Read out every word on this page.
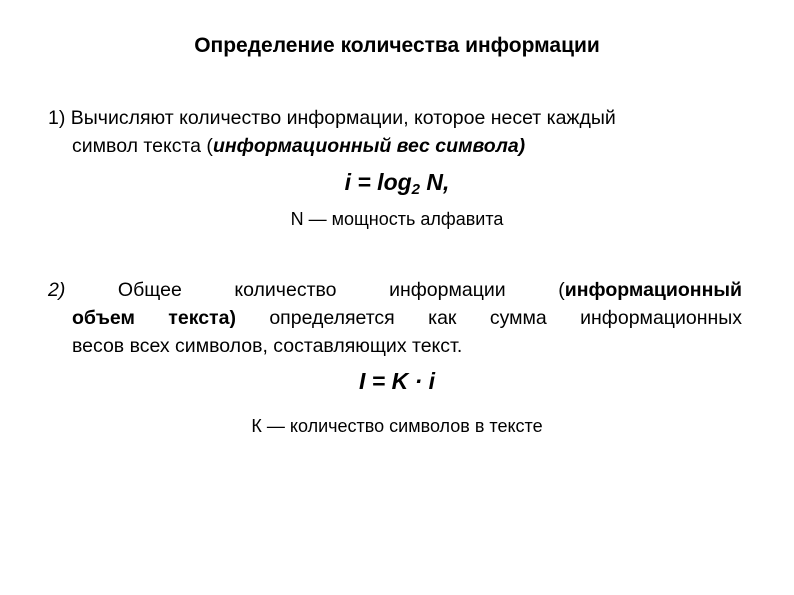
Определение количества информации
1) Вычисляют количество информации, которое несет каждый
символ текста (информационный вес символа)
$i = \log_2 N$,
N — мощность алфавита
2) Общее количество информации (информационный
объем текста) определяется как сумма информационных
весов всех символов, составляющих текст.
I = K · i
К — количество символов в тексте
